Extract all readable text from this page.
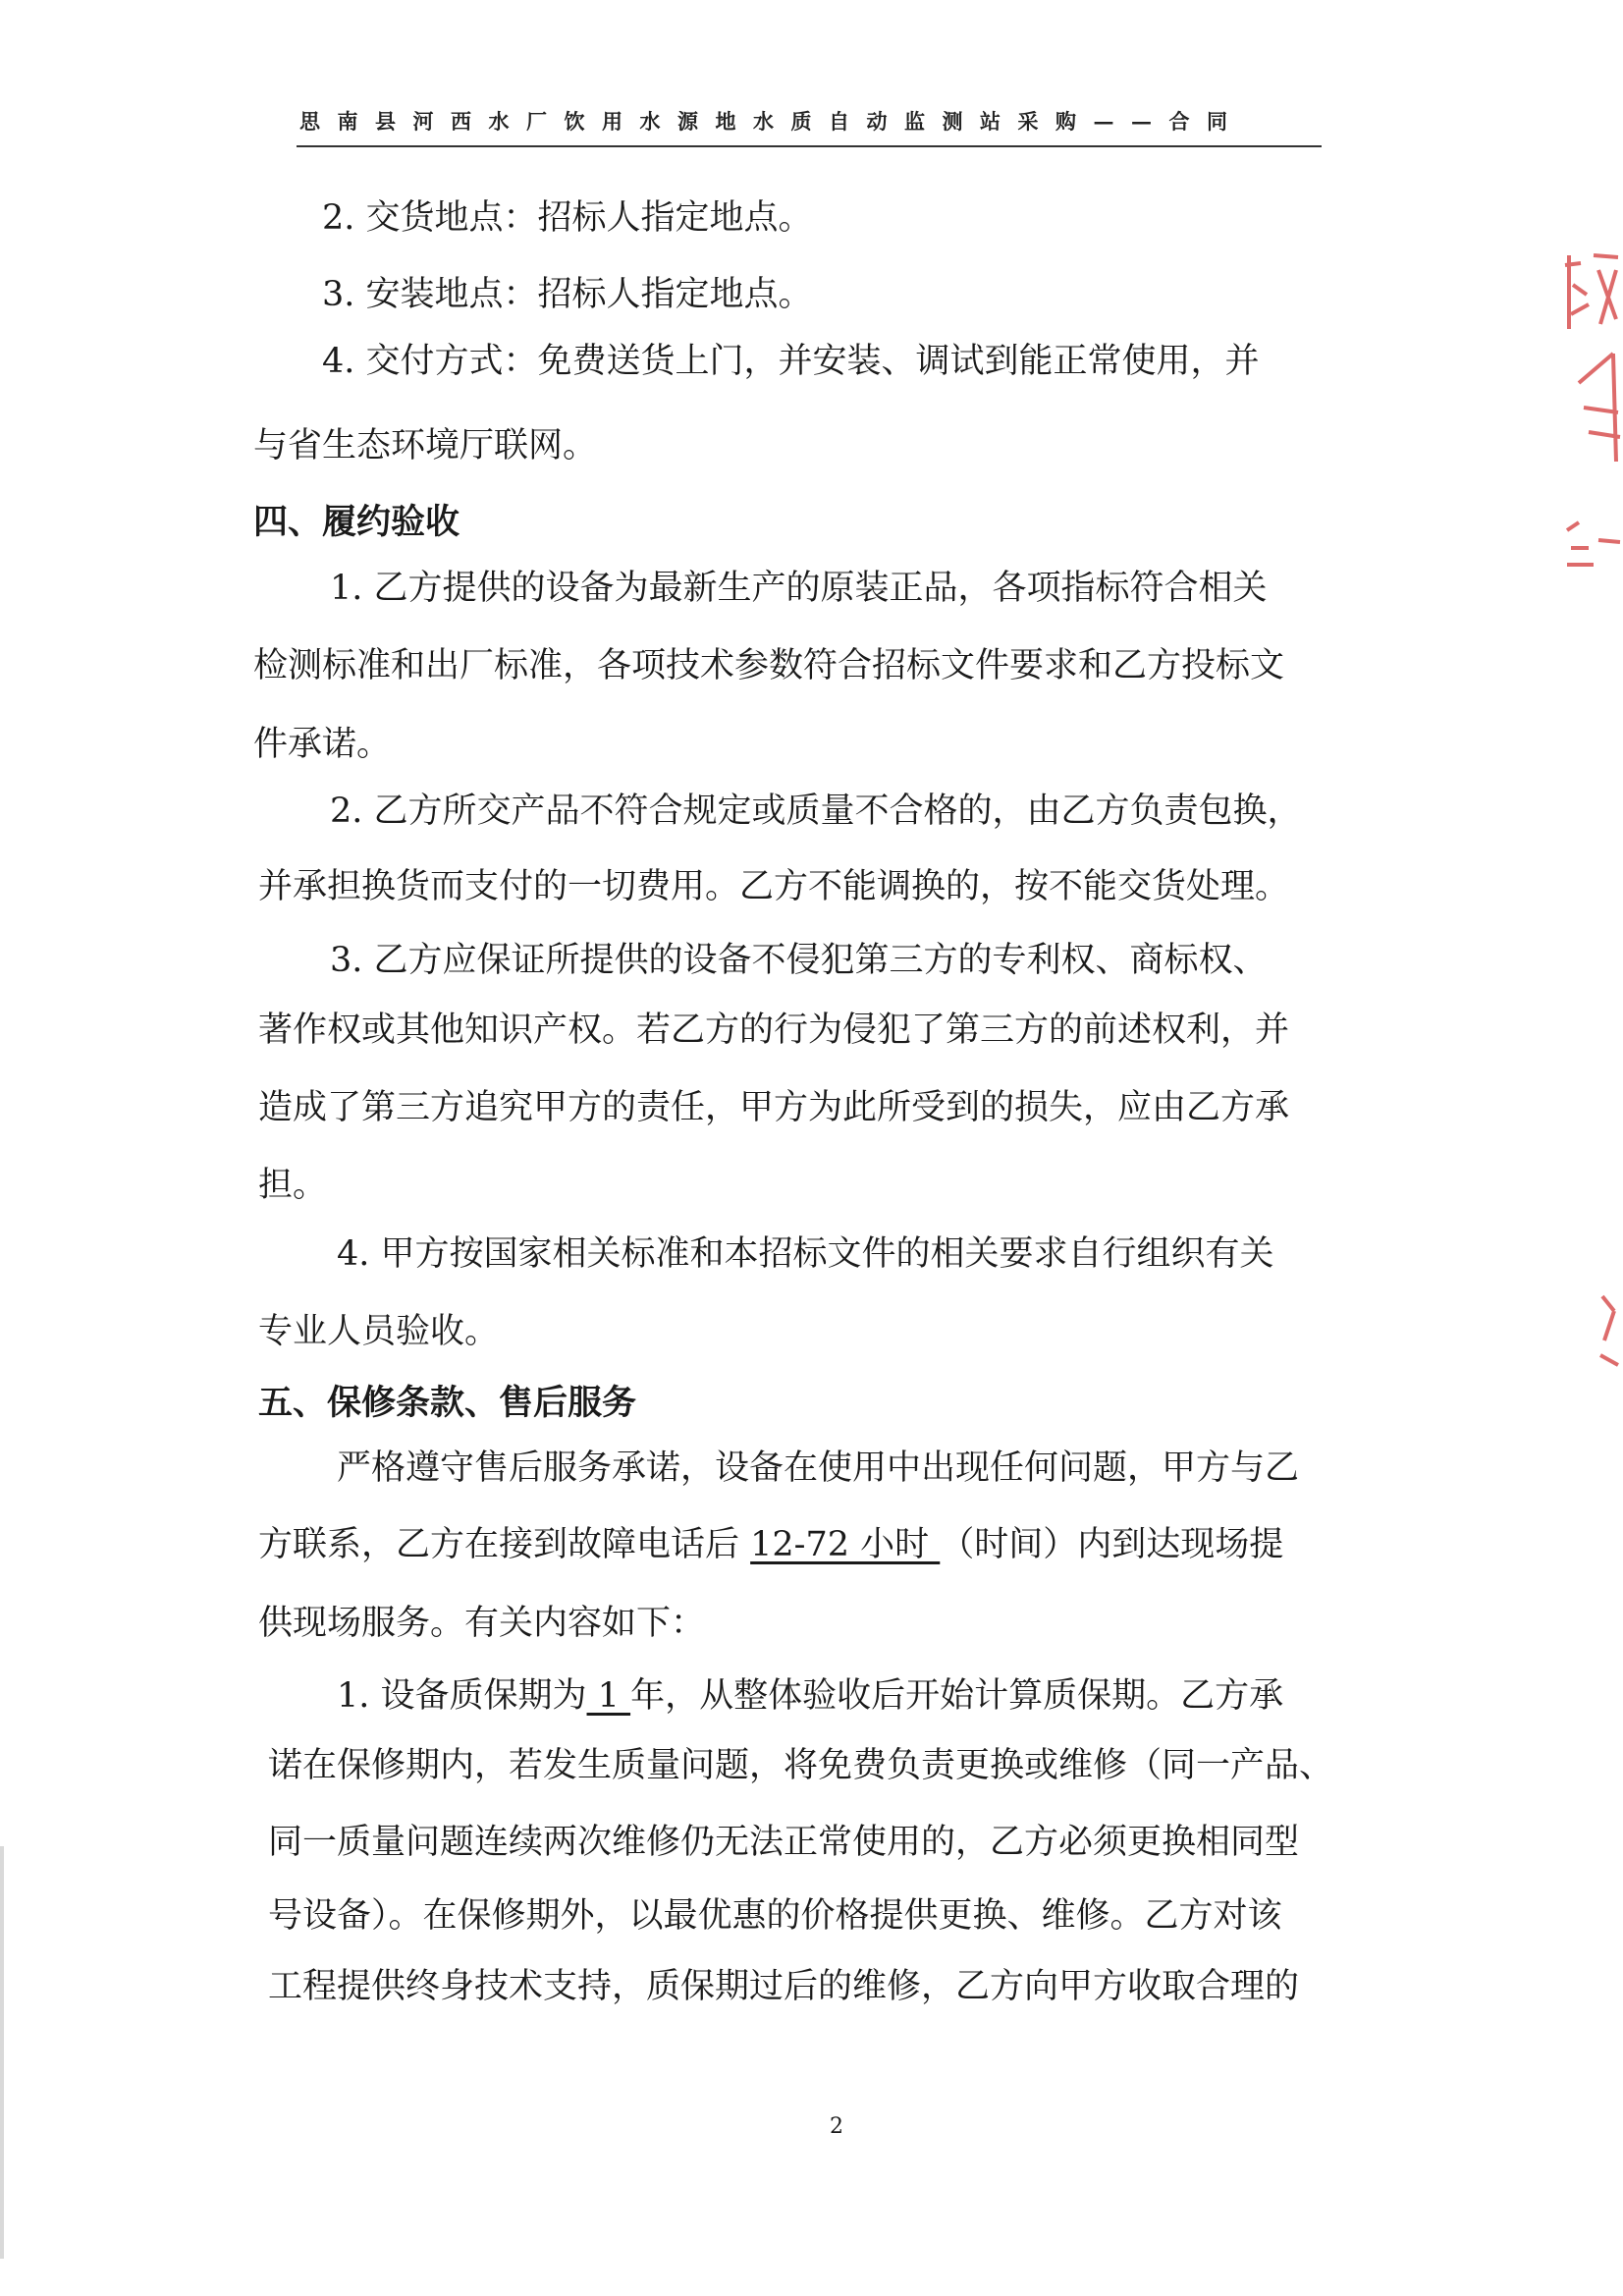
思南县河西水厂饮用水源地水质自动监测站采购——合同
2. 交货地点：招标人指定地点。
3. 安装地点：招标人指定地点。
4. 交付方式：免费送货上门，并安装、调试到能正常使用，并
与省生态环境厅联网。
四、履约验收
1. 乙方提供的设备为最新生产的原装正品，各项指标符合相关
检测标准和出厂标准，各项技术参数符合招标文件要求和乙方投标文
件承诺。
2. 乙方所交产品不符合规定或质量不合格的，由乙方负责包换，
并承担换货而支付的一切费用。乙方不能调换的，按不能交货处理。
3. 乙方应保证所提供的设备不侵犯第三方的专利权、商标权、
著作权或其他知识产权。若乙方的行为侵犯了第三方的前述权利，并
造成了第三方追究甲方的责任，甲方为此所受到的损失，应由乙方承
担。
4. 甲方按国家相关标准和本招标文件的相关要求自行组织有关
专业人员验收。
五、保修条款、售后服务
严格遵守售后服务承诺，设备在使用中出现任何问题，甲方与乙
方联系，乙方在接到故障电话后 12-72 小时 （时间）内到达现场提
供现场服务。有关内容如下：
1. 设备质保期为 1 年，从整体验收后开始计算质保期。乙方承
诺在保修期内，若发生质量问题，将免费负责更换或维修（同一产品、
同一质量问题连续两次维修仍无法正常使用的，乙方必须更换相同型
号设备）。在保修期外，以最优惠的价格提供更换、维修。乙方对该
工程提供终身技术支持，质保期过后的维修，乙方向甲方收取合理的
2
